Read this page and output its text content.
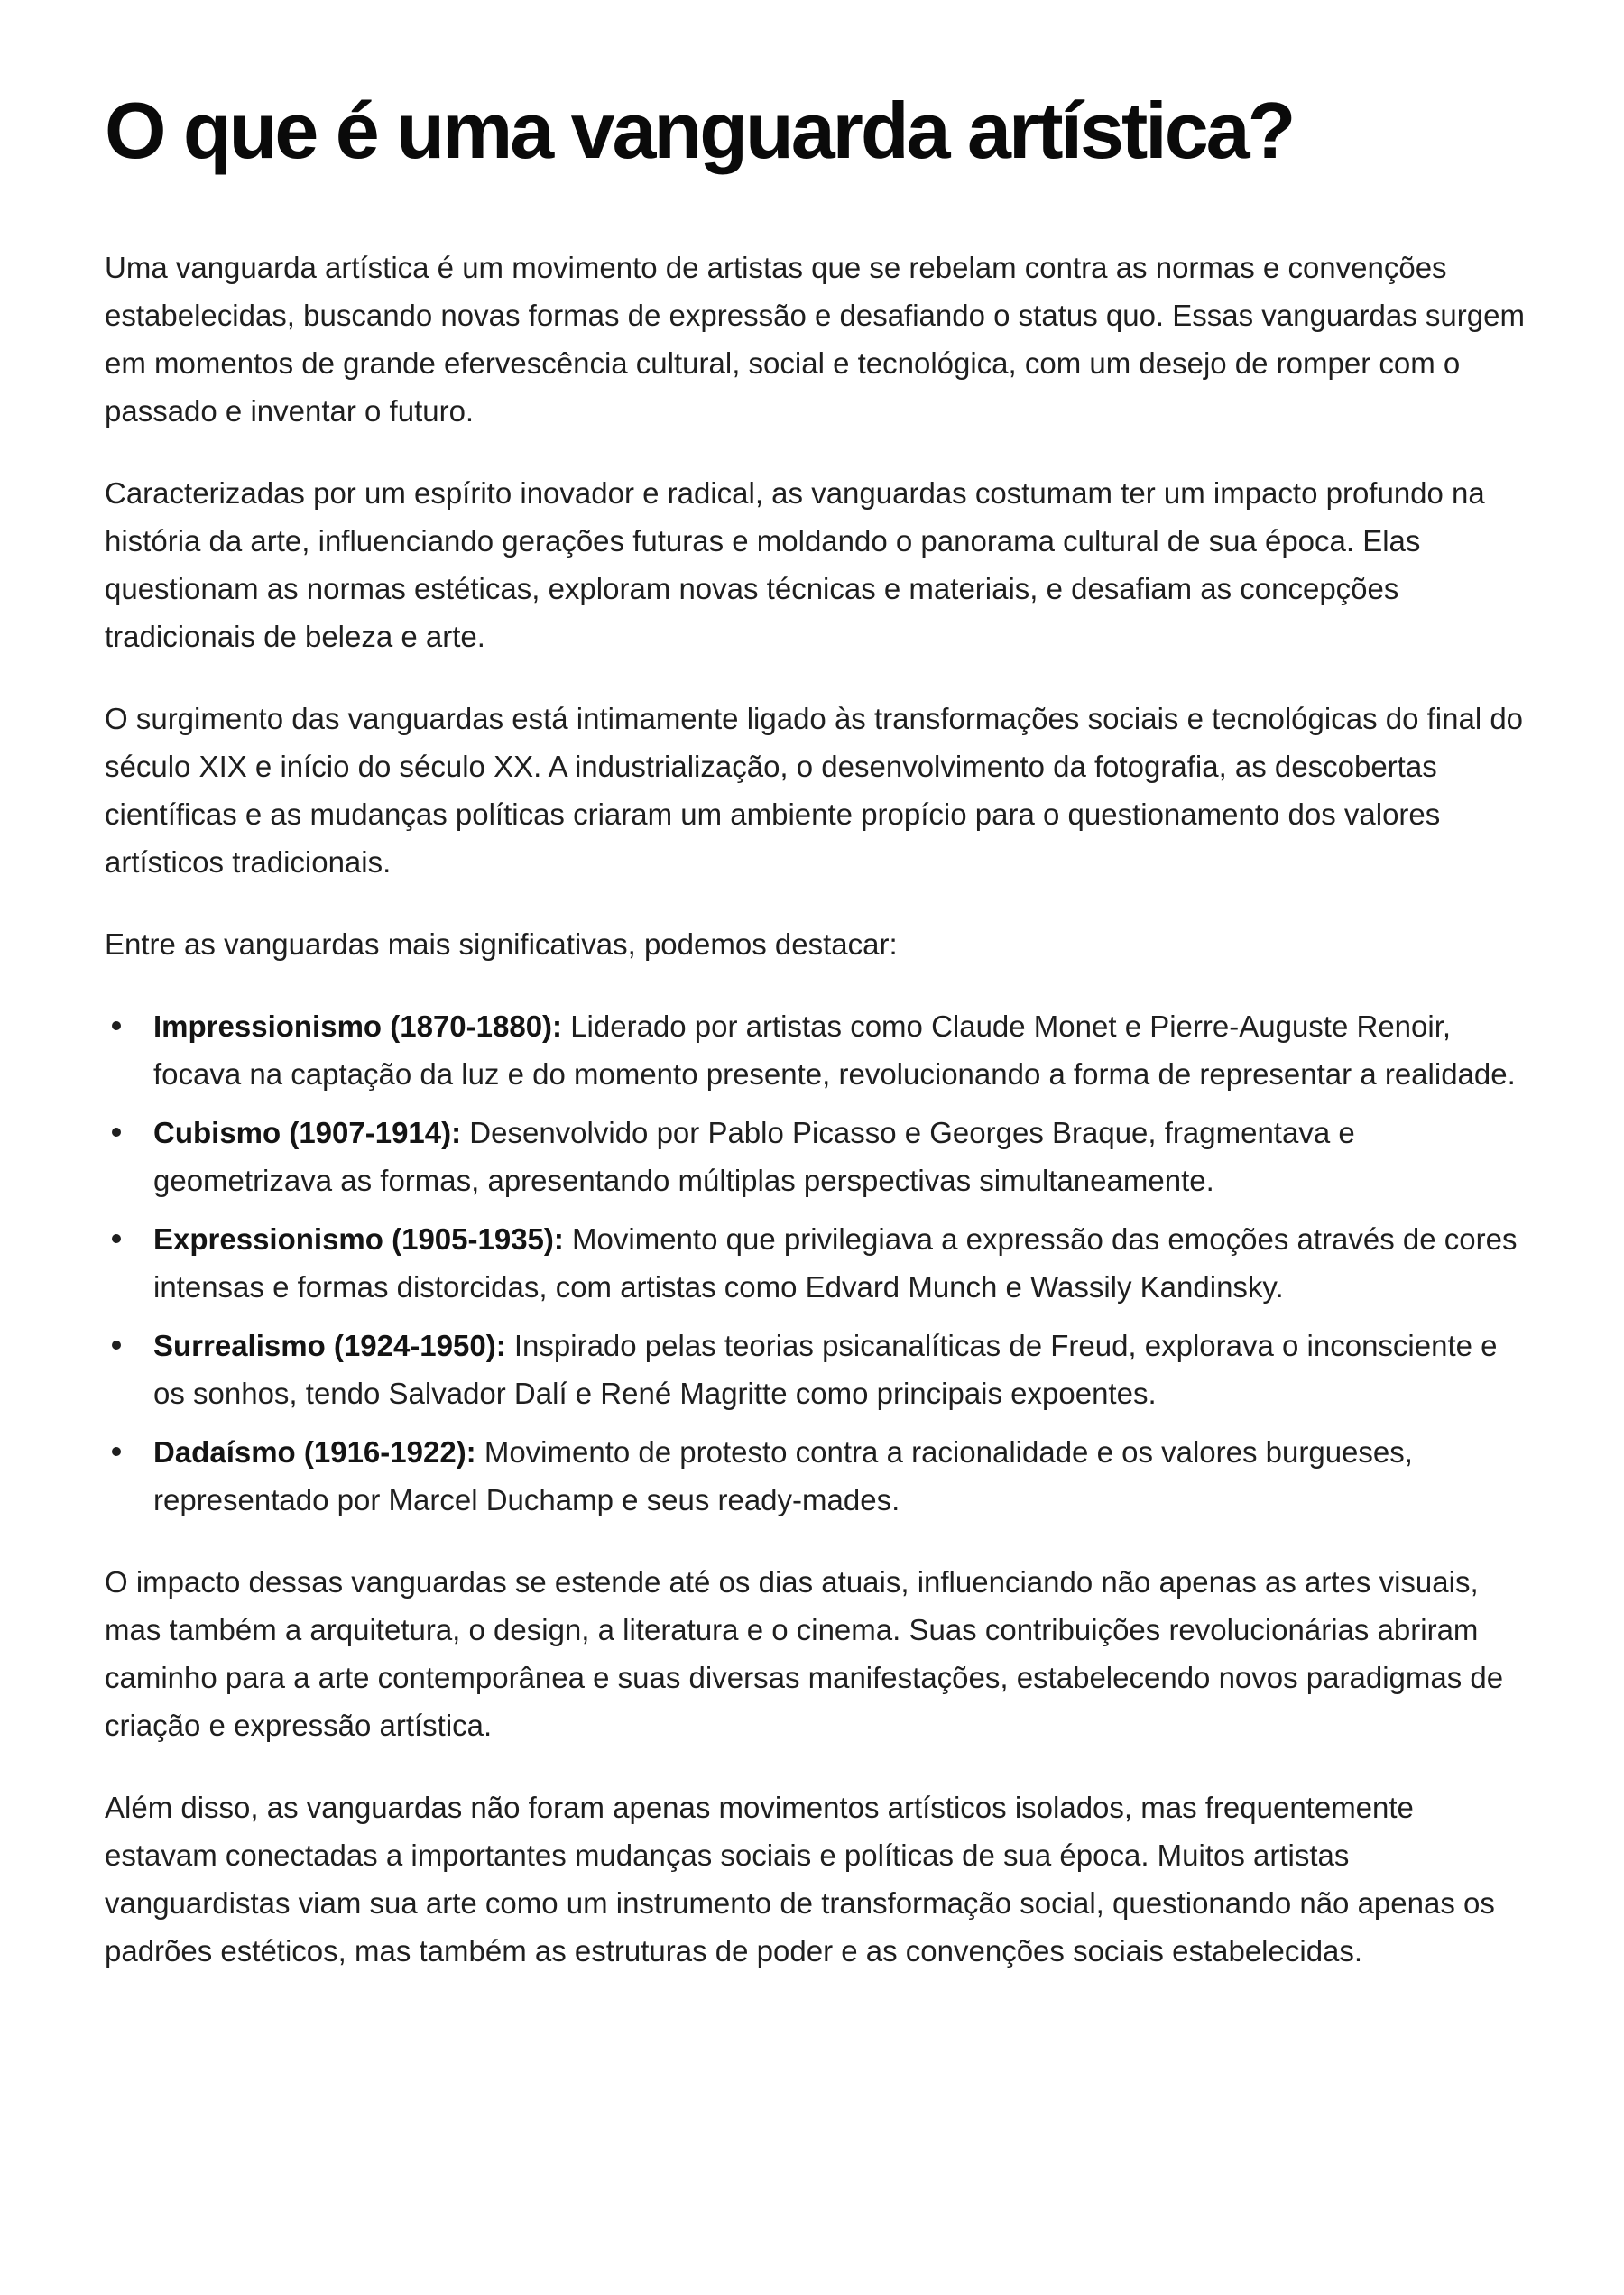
O que é uma vanguarda artística?

Uma vanguarda artística é um movimento de artistas que se rebelam contra as normas e convenções estabelecidas, buscando novas formas de expressão e desafiando o status quo. Essas vanguardas surgem em momentos de grande efervescência cultural, social e tecnológica, com um desejo de romper com o passado e inventar o futuro.

Caracterizadas por um espírito inovador e radical, as vanguardas costumam ter um impacto profundo na história da arte, influenciando gerações futuras e moldando o panorama cultural de sua época. Elas questionam as normas estéticas, exploram novas técnicas e materiais, e desafiam as concepções tradicionais de beleza e arte.

O surgimento das vanguardas está intimamente ligado às transformações sociais e tecnológicas do final do século XIX e início do século XX. A industrialização, o desenvolvimento da fotografia, as descobertas científicas e as mudanças políticas criaram um ambiente propício para o questionamento dos valores artísticos tradicionais.

Entre as vanguardas mais significativas, podemos destacar:

Impressionismo (1870-1880): Liderado por artistas como Claude Monet e Pierre-Auguste Renoir, focava na captação da luz e do momento presente, revolucionando a forma de representar a realidade.
Cubismo (1907-1914): Desenvolvido por Pablo Picasso e Georges Braque, fragmentava e geometrizava as formas, apresentando múltiplas perspectivas simultaneamente.
Expressionismo (1905-1935): Movimento que privilegiava a expressão das emoções através de cores intensas e formas distorcidas, com artistas como Edvard Munch e Wassily Kandinsky.
Surrealismo (1924-1950): Inspirado pelas teorias psicanalíticas de Freud, explorava o inconsciente e os sonhos, tendo Salvador Dalí e René Magritte como principais expoentes.
Dadaísmo (1916-1922): Movimento de protesto contra a racionalidade e os valores burgueses, representado por Marcel Duchamp e seus ready-mades.

O impacto dessas vanguardas se estende até os dias atuais, influenciando não apenas as artes visuais, mas também a arquitetura, o design, a literatura e o cinema. Suas contribuições revolucionárias abriram caminho para a arte contemporânea e suas diversas manifestações, estabelecendo novos paradigmas de criação e expressão artística.

Além disso, as vanguardas não foram apenas movimentos artísticos isolados, mas frequentemente estavam conectadas a importantes mudanças sociais e políticas de sua época. Muitos artistas vanguardistas viam sua arte como um instrumento de transformação social, questionando não apenas os padrões estéticos, mas também as estruturas de poder e as convenções sociais estabelecidas.
